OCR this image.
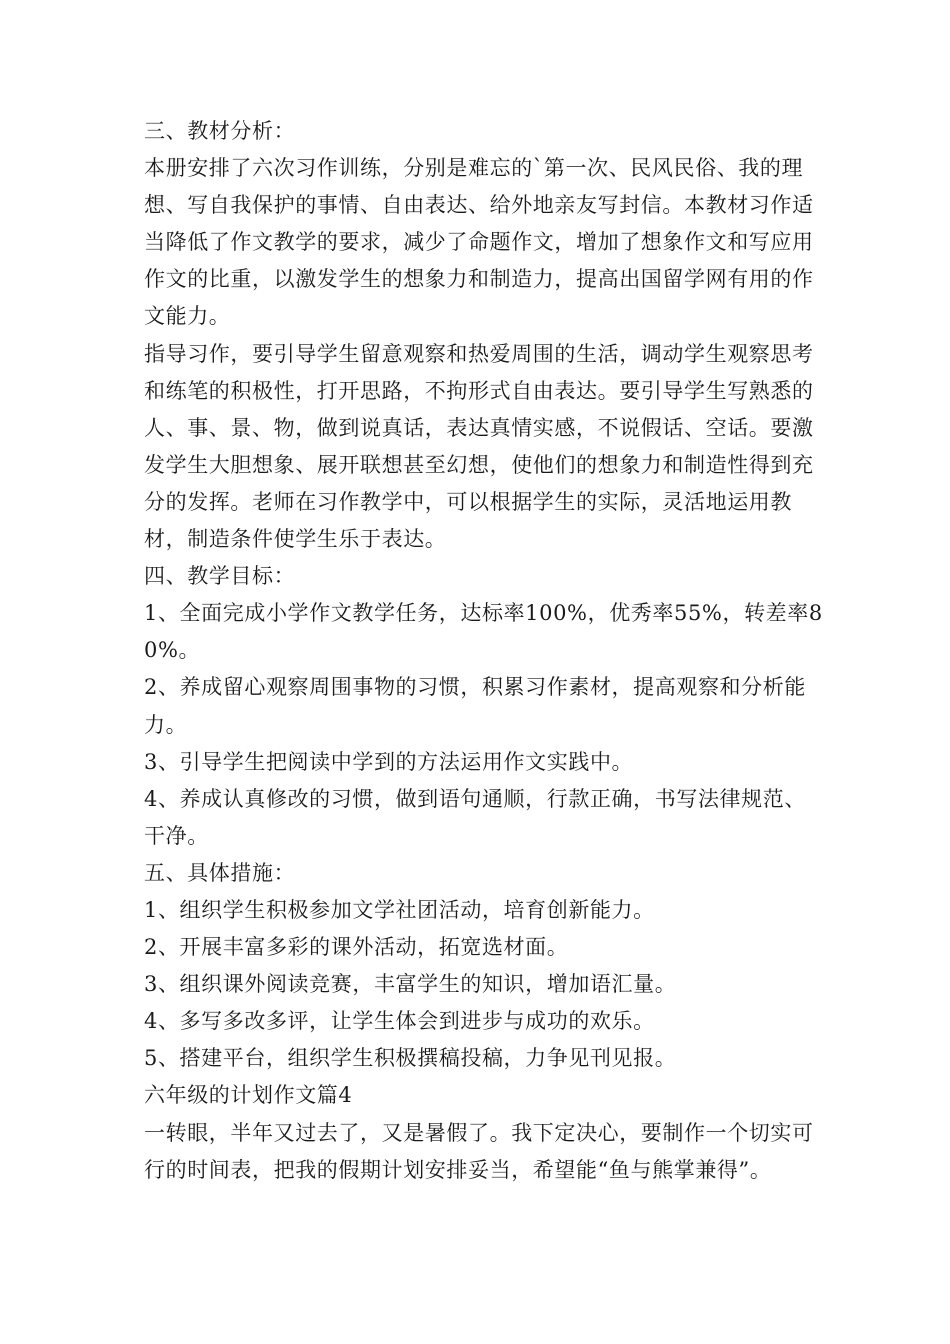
三、教材分析：

本册安排了六次习作训练，分别是难忘的`第一次、民风民俗、我的理想、写自我保护的事情、自由表达、给外地亲友写封信。本教材习作适当降低了作文教学的要求，减少了命题作文，增加了想象作文和写应用作文的比重，以激发学生的想象力和制造力，提高出国留学网有用的作文能力。

指导习作，要引导学生留意观察和热爱周围的生活，调动学生观察思考和练笔的积极性，打开思路，不拘形式自由表达。要引导学生写熟悉的人、事、景、物，做到说真话，表达真情实感，不说假话、空话。要激发学生大胆想象、展开联想甚至幻想，使他们的想象力和制造性得到充分的发挥。老师在习作教学中，可以根据学生的实际，灵活地运用教材，制造条件使学生乐于表达。

四、教学目标：

1、全面完成小学作文教学任务，达标率100%，优秀率55%，转差率80%。

2、养成留心观察周围事物的习惯，积累习作素材，提高观察和分析能力。

3、引导学生把阅读中学到的方法运用作文实践中。

4、养成认真修改的习惯，做到语句通顺，行款正确，书写法律规范、干净。

五、具体措施：

1、组织学生积极参加文学社团活动，培育创新能力。

2、开展丰富多彩的课外活动，拓宽选材面。

3、组织课外阅读竞赛，丰富学生的知识，增加语汇量。

4、多写多改多评，让学生体会到进步与成功的欢乐。

5、搭建平台，组织学生积极撰稿投稿，力争见刊见报。

六年级的计划作文篇4

一转眼，半年又过去了，又是暑假了。我下定决心，要制作一个切实可行的时间表，把我的假期计划安排妥当，希望能“鱼与熊掌兼得”。
